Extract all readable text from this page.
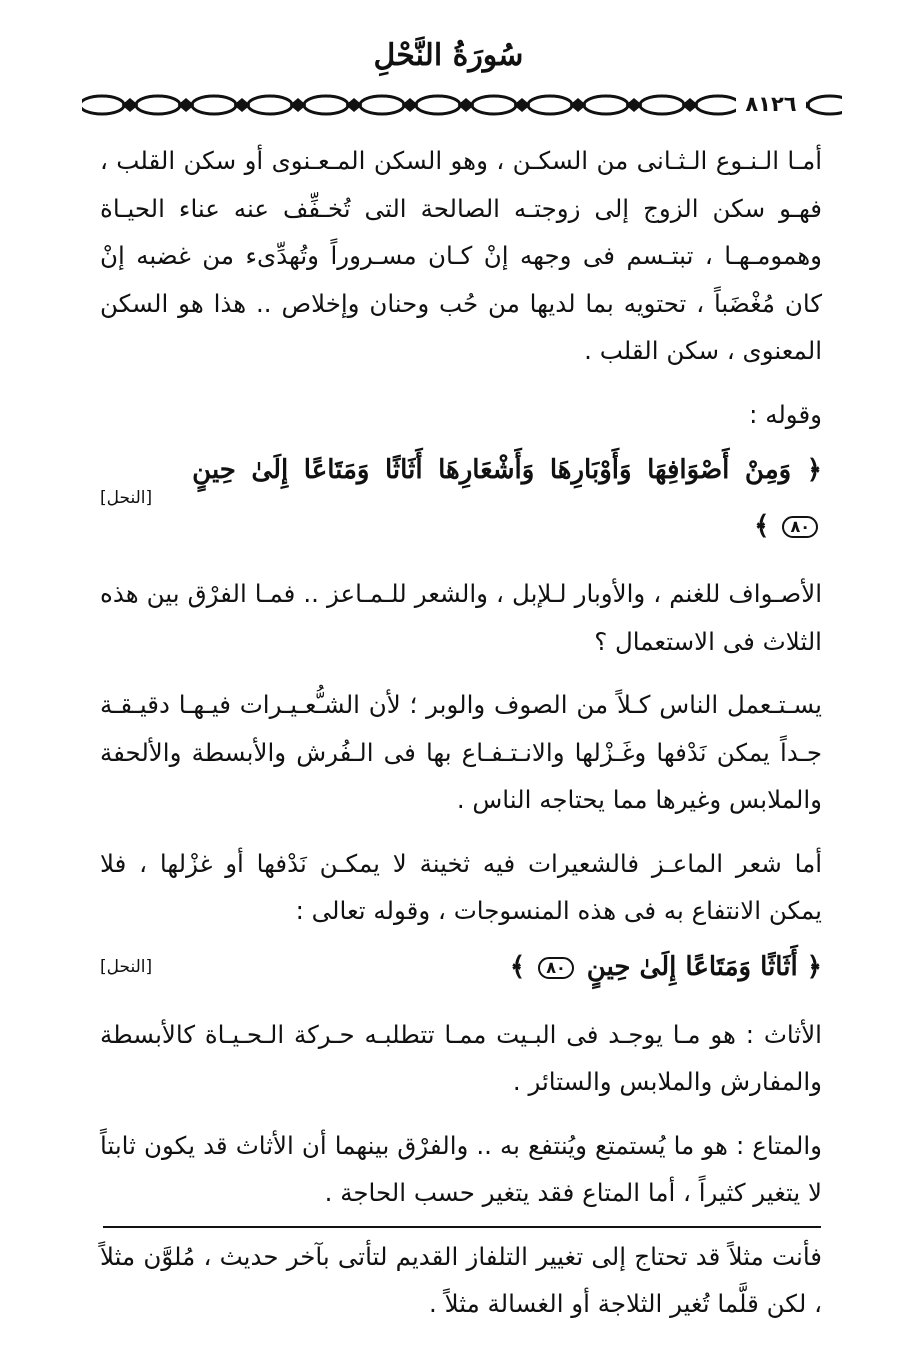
سُورَةُ النَّحْلِ
٨١٢٦

أمـا الـنـوع الـثـانى من السكـن ، وهو السكن المـعـنوى أو سكن القلب ، فهـو سكن الزوج إلى زوجتـه الصالحة التى تُخـفِّف عنه عناء الحيـاة وهمومـهـا ، تبتـسم فى وجهه إنْ كـان مسـروراً وتُهدِّىء من غضبه إنْ كان مُغْضَباً ، تحتويه بما لديها من حُب وحنان وإخلاص .. هذا هو السكن المعنوى ، سكن القلب .

وقوله :

﴿ وَمِنْ أَصْوَافِهَا وَأَوْبَارِهَا وَأَشْعَارِهَا أَثَاثًا وَمَتَاعًا إِلَىٰ حِينٍ ٨٠ ﴾
[النحل]

الأصـواف للغنم ، والأوبار لـلإبل ، والشعر للـمـاعز .. فمـا الفرْق بين هذه الثلاث فى الاستعمال ؟

يسـتـعمل الناس كـلاً من الصوف والوبر ؛ لأن الشـُّعـيـرات فيـهـا دقيـقـة جـداً يمكن نَدْفها وغَـزْلها والانـتـفـاع بها فى الـفُرش والأبسطة والألحفة والملابس وغيرها مما يحتاجه الناس .

أما شعر الماعـز فالشعيرات فيه ثخينة لا يمكـن نَدْفها أو غزْلها ، فلا يمكن الانتفاع به فى هذه المنسوجات ، وقوله تعالى :

﴿ أَثَاثًا وَمَتَاعًا إِلَىٰ حِينٍ ٨٠ ﴾
[النحل]

الأثاث : هو مـا يوجـد فى البـيت ممـا تتطلبـه حـركة الـحـيـاة كالأبسطة والمفارش والملابس والستائر .

والمتاع : هو ما يُستمتع ويُنتفع به .. والفرْق بينهما أن الأثاث قد يكون ثابتاً لا يتغير كثيراً ، أما المتاع فقد يتغير حسب الحاجة .

فأنت مثلاً قد تحتاج إلى تغيير التلفاز القديم لتأتى بآخر حديث ، مُلوَّن مثلاً ، لكن قلَّما تُغير الثلاجة أو الغسالة مثلاً .
